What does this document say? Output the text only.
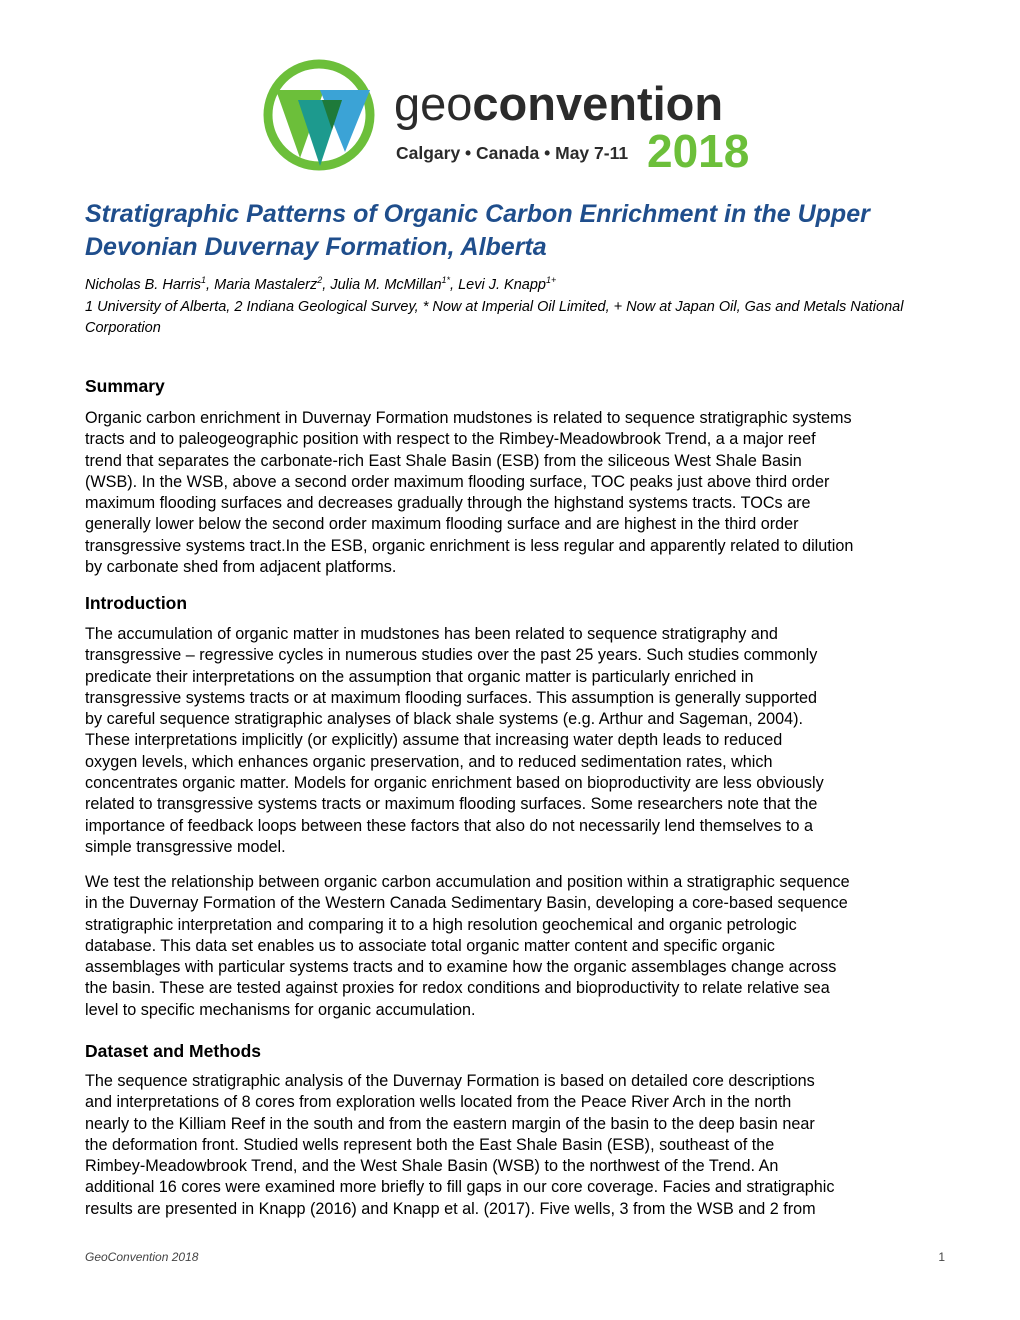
geoconvention
Calgary • Canada • May 7-11 2018
Stratigraphic Patterns of Organic Carbon Enrichment in the Upper Devonian Duvernay Formation, Alberta

Nicholas B. Harris$^1$, Maria Mastalerz$^2$, Julia M. McMillan$^{1*}$, Levi J. Knapp$^{1+}$

1 University of Alberta, 2 Indiana Geological Survey, * Now at Imperial Oil Limited, + Now at Japan Oil, Gas and Metals National Corporation

Summary

Organic carbon enrichment in Duvernay Formation mudstones is related to sequence stratigraphic systems
tracts and to paleogeographic position with respect to the Rimbey-Meadowbrook Trend, a a major reef
trend that separates the carbonate-rich East Shale Basin (ESB) from the siliceous West Shale Basin
(WSB). In the WSB, above a second order maximum flooding surface, TOC peaks just above third order
maximum flooding surfaces and decreases gradually through the highstand systems tracts. TOCs are
generally lower below the second order maximum flooding surface and are highest in the third order
transgressive systems tract.In the ESB, organic enrichment is less regular and apparently related to dilution
by carbonate shed from adjacent platforms.

Introduction

The accumulation of organic matter in mudstones has been related to sequence stratigraphy and
transgressive – regressive cycles in numerous studies over the past 25 years. Such studies commonly
predicate their interpretations on the assumption that organic matter is particularly enriched in
transgressive systems tracts or at maximum flooding surfaces. This assumption is generally supported
by careful sequence stratigraphic analyses of black shale systems (e.g. Arthur and Sageman, 2004).
These interpretations implicitly (or explicitly) assume that increasing water depth leads to reduced
oxygen levels, which enhances organic preservation, and to reduced sedimentation rates, which
concentrates organic matter. Models for organic enrichment based on bioproductivity are less obviously
related to transgressive systems tracts or maximum flooding surfaces. Some researchers note that the
importance of feedback loops between these factors that also do not necessarily lend themselves to a
simple transgressive model.

We test the relationship between organic carbon accumulation and position within a stratigraphic sequence
in the Duvernay Formation of the Western Canada Sedimentary Basin, developing a core-based sequence
stratigraphic interpretation and comparing it to a high resolution geochemical and organic petrologic
database. This data set enables us to associate total organic matter content and specific organic
assemblages with particular systems tracts and to examine how the organic assemblages change across
the basin. These are tested against proxies for redox conditions and bioproductivity to relate relative sea
level to specific mechanisms for organic accumulation.

Dataset and Methods

The sequence stratigraphic analysis of the Duvernay Formation is based on detailed core descriptions
and interpretations of 8 cores from exploration wells located from the Peace River Arch in the north
nearly to the Killiam Reef in the south and from the eastern margin of the basin to the deep basin near
the deformation front. Studied wells represent both the East Shale Basin (ESB), southeast of the
Rimbey-Meadowbrook Trend, and the West Shale Basin (WSB) to the northwest of the Trend. An
additional 16 cores were examined more briefly to fill gaps in our core coverage. Facies and stratigraphic
results are presented in Knapp (2016) and Knapp et al. (2017). Five wells, 3 from the WSB and 2 from

GeoConvention 2018	1
